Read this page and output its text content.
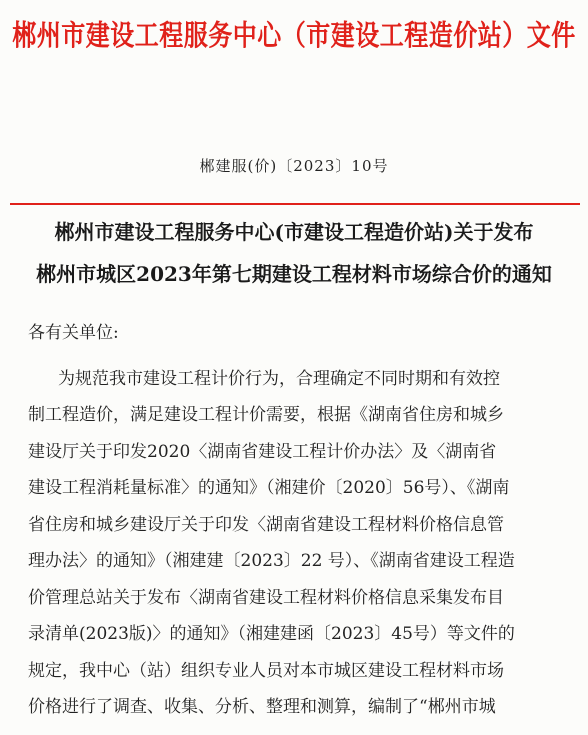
郴州市建设工程服务中心（市建设工程造价站）文件
郴建服(价)〔2023〕10号
郴州市建设工程服务中心(市建设工程造价站)关于发布
郴州市城区2023年第七期建设工程材料市场综合价的通知
各有关单位:
为规范我市建设工程计价行为，合理确定不同时期和有效控
制工程造价，满足建设工程计价需要，根据《湖南省住房和城乡
建设厅关于印发2020〈湖南省建设工程计价办法〉及〈湖南省
建设工程消耗量标准〉的通知》（湘建价〔2020〕56号）、《湖南
省住房和城乡建设厅关于印发〈湖南省建设工程材料价格信息管
理办法〉的通知》（湘建建〔2023〕22 号）、《湖南省建设工程造
价管理总站关于发布〈湖南省建设工程材料价格信息采集发布目
录清单(2023版)〉的通知》（湘建建函〔2023〕45号）等文件的
规定，我中心（站）组织专业人员对本市城区建设工程材料市场
价格进行了调查、收集、分析、整理和测算，编制了“郴州市城
